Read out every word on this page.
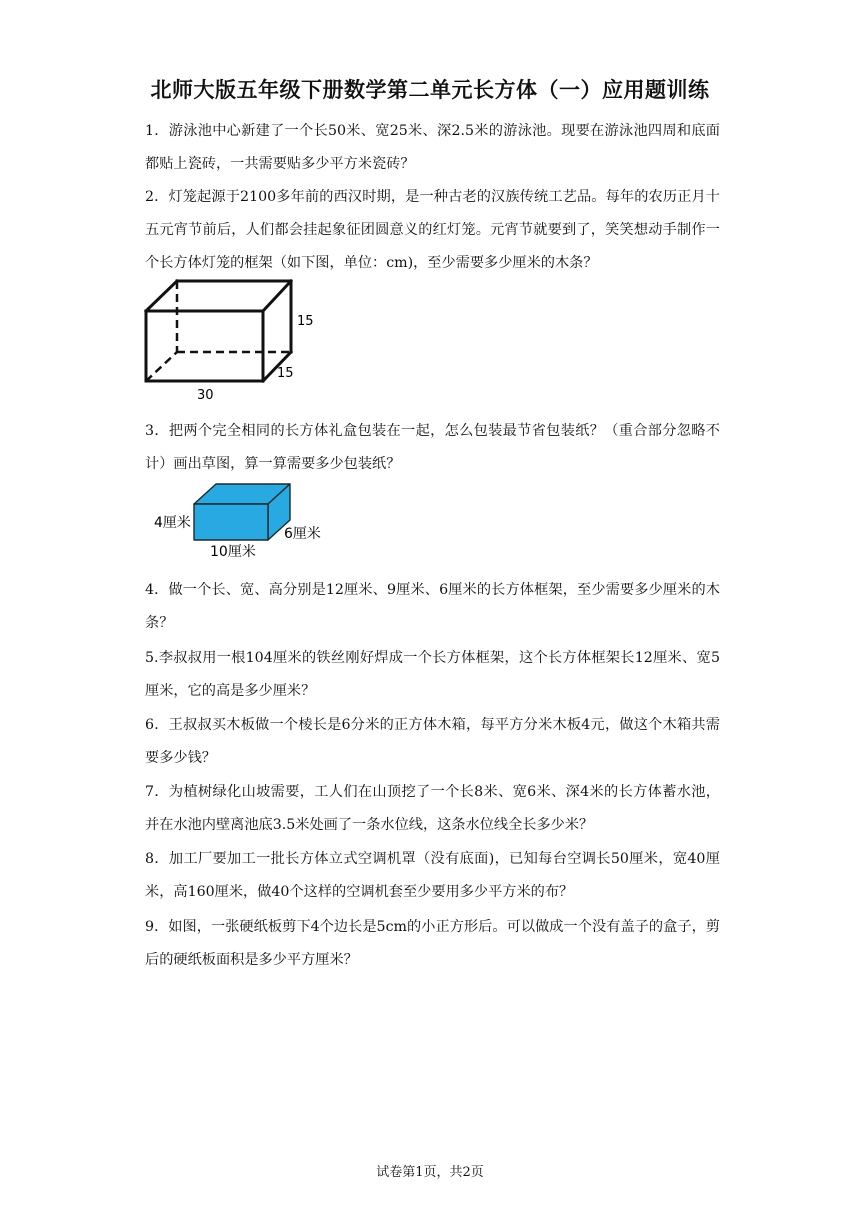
北师大版五年级下册数学第二单元长方体（一）应用题训练
1．游泳池中心新建了一个长50米、宽25米、深2.5米的游泳池。现要在游泳池四周和底面都贴上瓷砖，一共需要贴多少平方米瓷砖？
2．灯笼起源于2100多年前的西汉时期，是一种古老的汉族传统工艺品。每年的农历正月十五元宵节前后，人们都会挂起象征团圆意义的红灯笼。元宵节就要到了，笑笑想动手制作一个长方体灯笼的框架（如下图，单位：cm)，至少需要多少厘米的木条？
15
15
30
3．把两个完全相同的长方体礼盒包装在一起，怎么包装最节省包装纸？（重合部分忽略不计）画出草图，算一算需要多少包装纸？
4厘米
6厘米
10厘米
4．做一个长、宽、高分别是12厘米、9厘米、6厘米的长方体框架，至少需要多少厘米的木条？
5.李叔叔用一根104厘米的铁丝刚好焊成一个长方体框架，这个长方体框架长12厘米、宽5厘米，它的高是多少厘米？
6．王叔叔买木板做一个棱长是6分米的正方体木箱，每平方分米木板4元，做这个木箱共需要多少钱？
7．为植树绿化山坡需要，工人们在山顶挖了一个长8米、宽6米、深4米的长方体蓄水池，并在水池内壁离池底3.5米处画了一条水位线，这条水位线全长多少米？
8．加工厂要加工一批长方体立式空调机罩（没有底面)，已知每台空调长50厘米，宽40厘米，高160厘米，做40个这样的空调机套至少要用多少平方米的布？
9．如图，一张硬纸板剪下4个边长是5cm的小正方形后。可以做成一个没有盖子的盒子，剪后的硬纸板面积是多少平方厘米？
试卷第1页，共2页
